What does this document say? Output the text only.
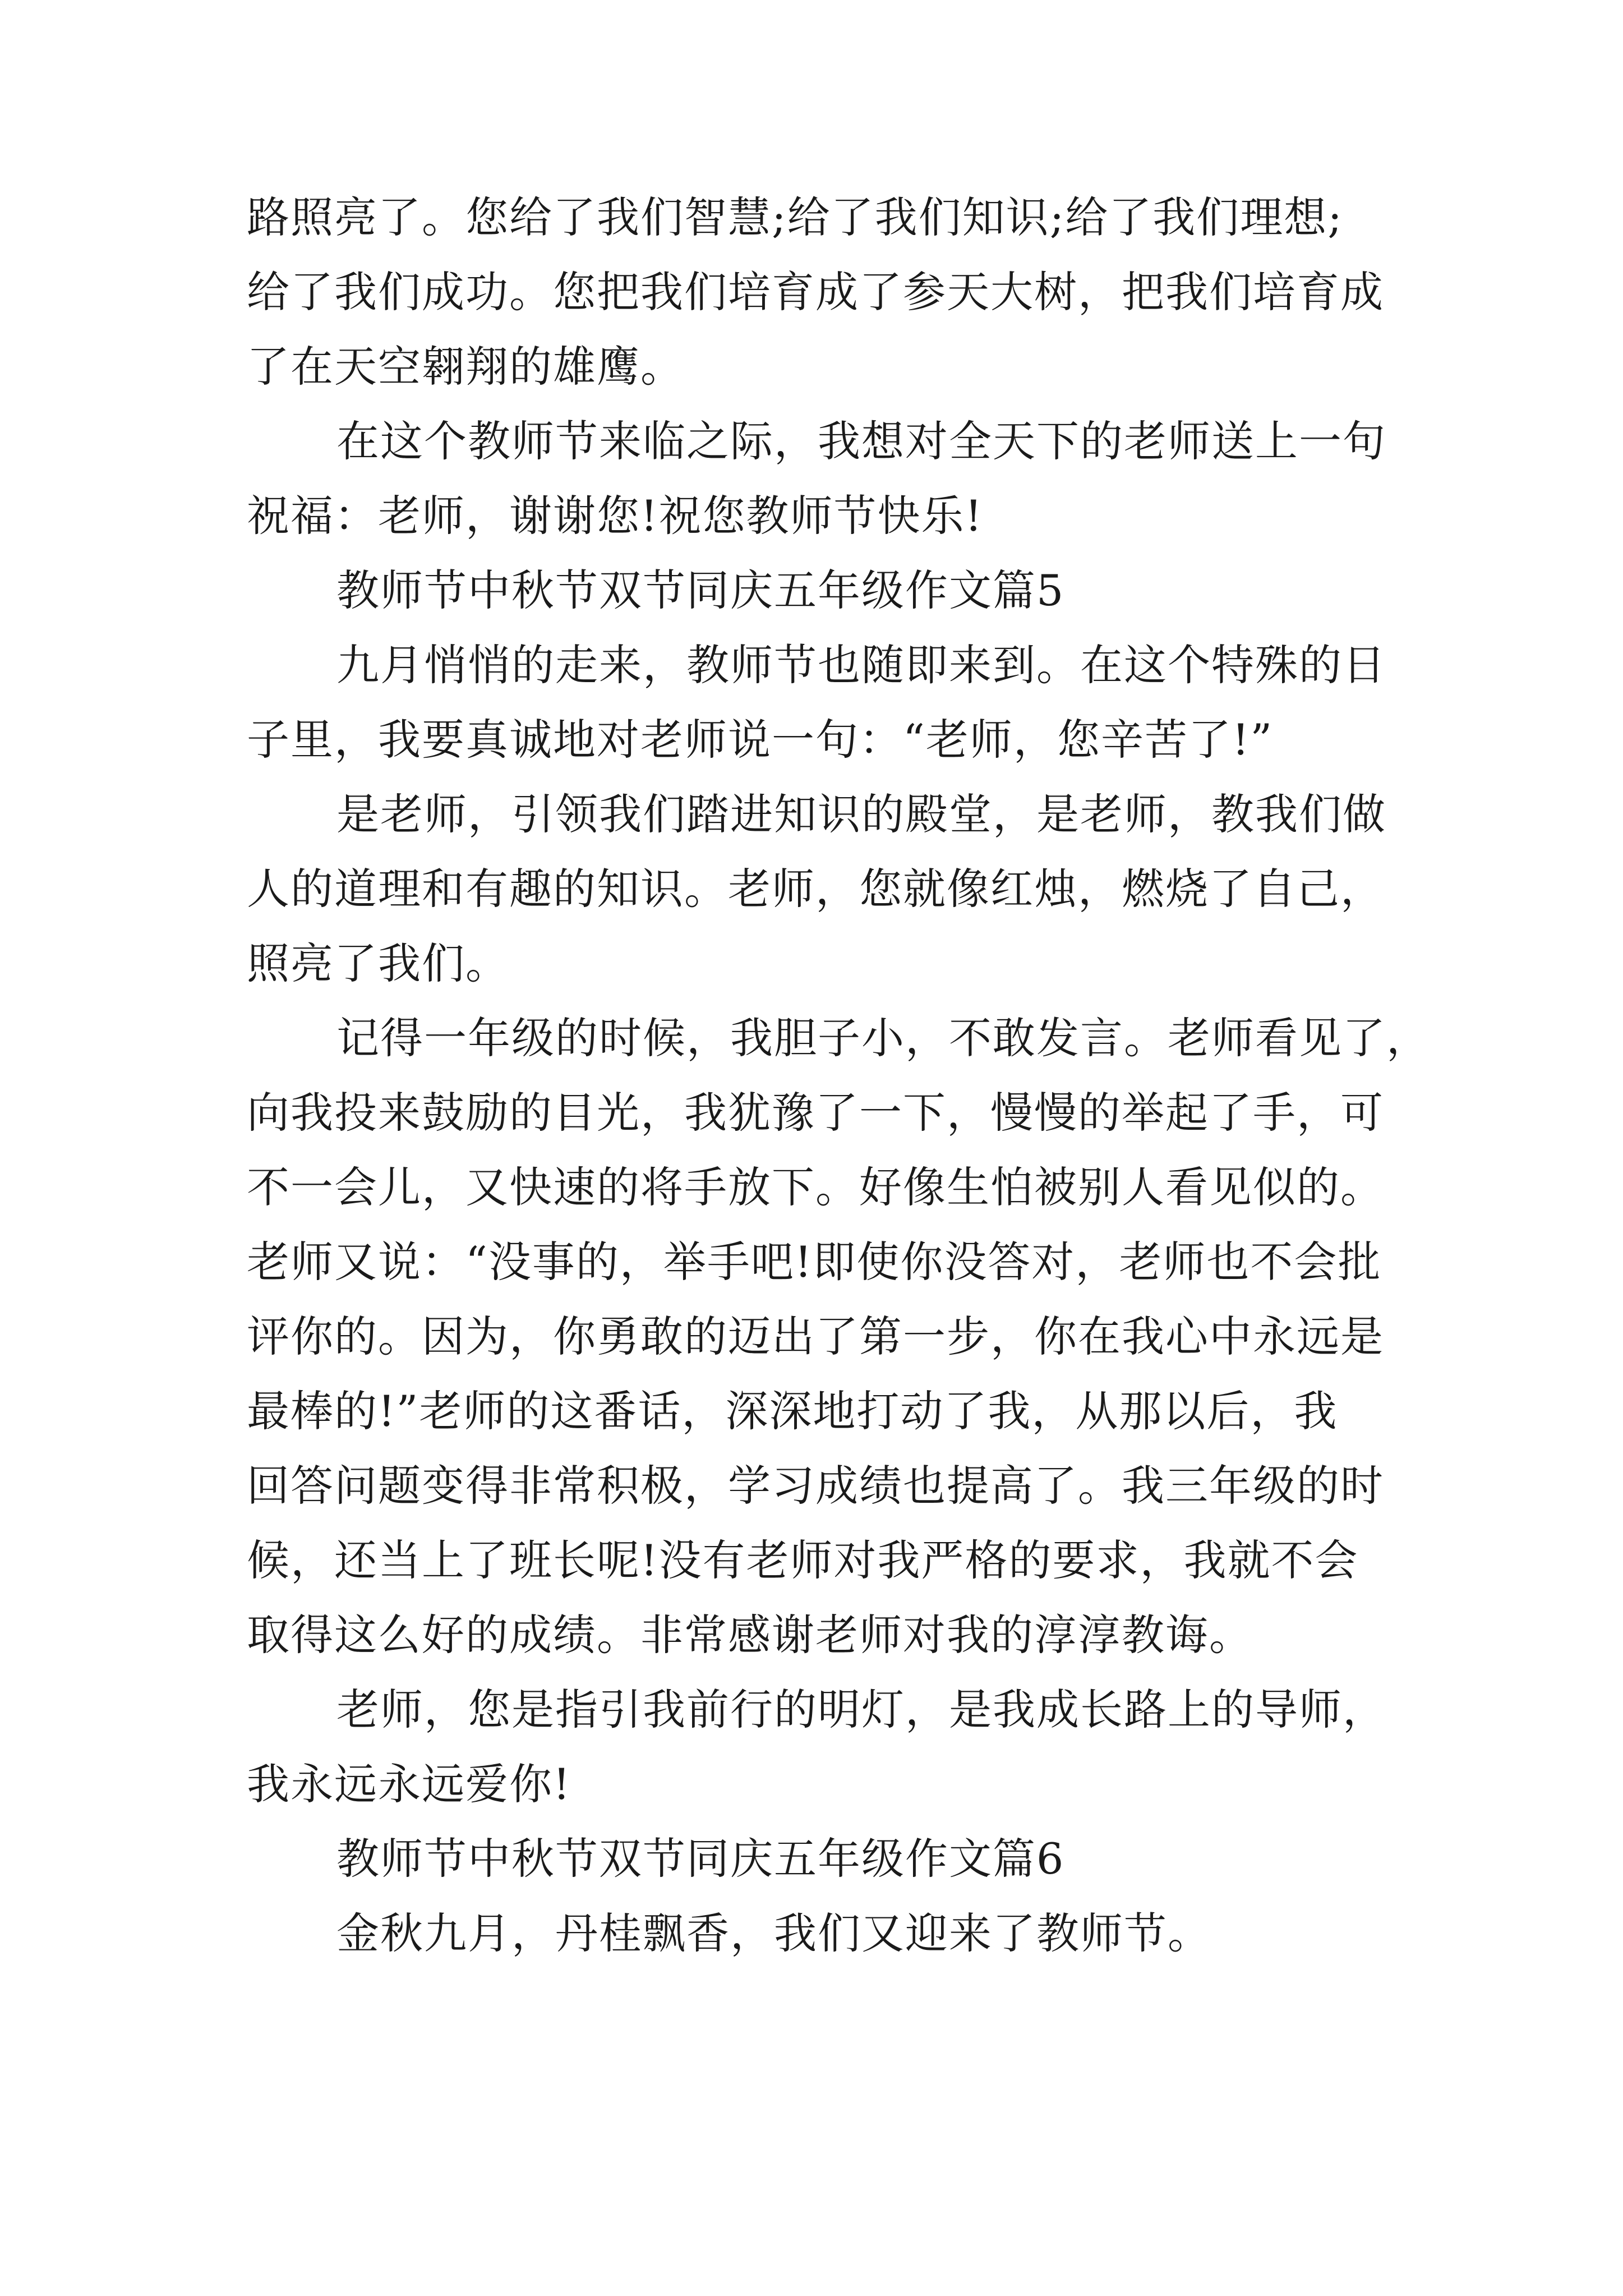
路照亮了。您给了我们智慧;给了我们知识;给了我们理想;
给了我们成功。您把我们培育成了参天大树，把我们培育成
了在天空翱翔的雄鹰。
在这个教师节来临之际，我想对全天下的老师送上一句
祝福：老师，谢谢您!祝您教师节快乐!
教师节中秋节双节同庆五年级作文篇5
九月悄悄的走来，教师节也随即来到。在这个特殊的日
子里，我要真诚地对老师说一句：“老师，您辛苦了!”
是老师，引领我们踏进知识的殿堂，是老师，教我们做
人的道理和有趣的知识。老师，您就像红烛，燃烧了自己，
照亮了我们。
记得一年级的时候，我胆子小，不敢发言。老师看见了，
向我投来鼓励的目光，我犹豫了一下，慢慢的举起了手，可
不一会儿，又快速的将手放下。好像生怕被别人看见似的。
老师又说：“没事的，举手吧!即使你没答对，老师也不会批
评你的。因为，你勇敢的迈出了第一步，你在我心中永远是
最棒的!”老师的这番话，深深地打动了我，从那以后，我
回答问题变得非常积极，学习成绩也提高了。我三年级的时
候，还当上了班长呢!没有老师对我严格的要求，我就不会
取得这么好的成绩。非常感谢老师对我的淳淳教诲。
老师，您是指引我前行的明灯，是我成长路上的导师，
我永远永远爱你!
教师节中秋节双节同庆五年级作文篇6
金秋九月，丹桂飘香，我们又迎来了教师节。
